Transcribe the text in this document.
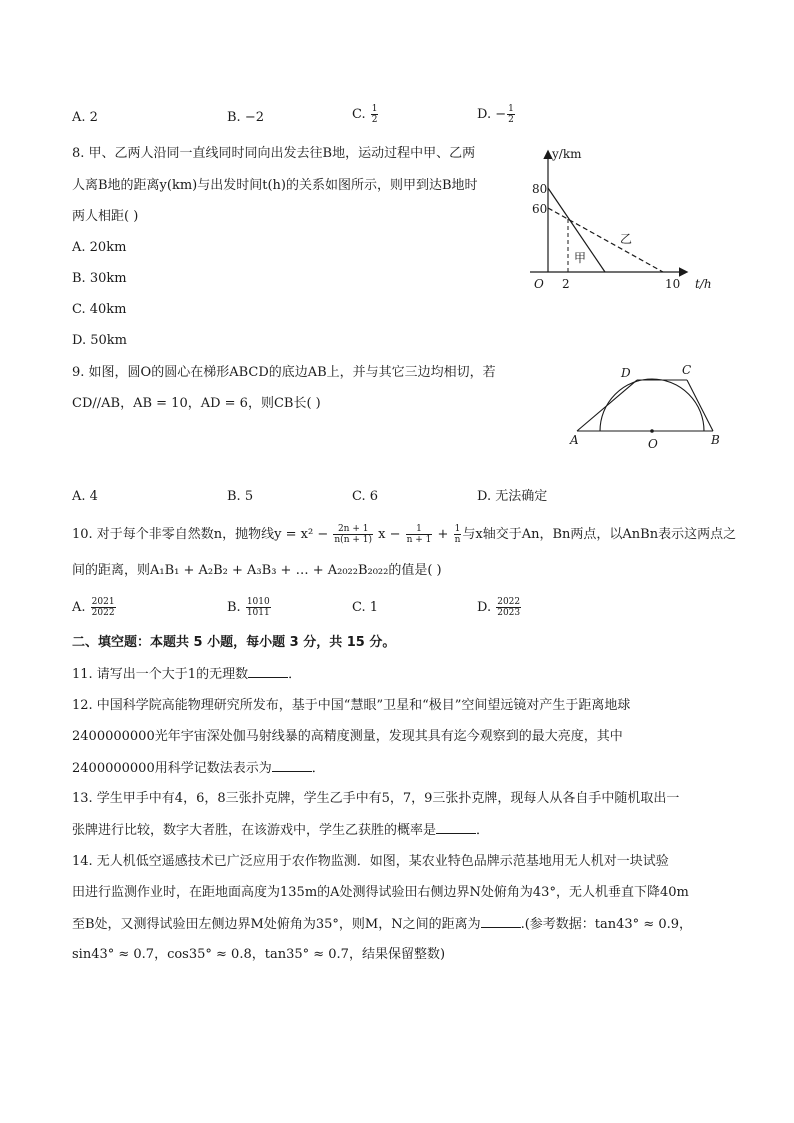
A. 2	B. −2	C. $\frac{1}{2}$	D. − $\frac{1}{2}$
8. 甲、乙两人沿同一直线同时同向出发去往B地，运动过程中甲、乙两
人离B地的距离y(km)与出发时间t(h)的关系如图所示，则甲到达B地时
两人相距( )
A. 20km
B. 30km
C. 40km
D. 50km
y/km
t/h
O
80
60
2	10
甲
乙
9. 如图，圆O的圆心在梯形ABCD的底边AB上，并与其它三边均相切，若
CD//AB，AB = 10，AD = 6，则CB长( )
A	B
C
D
O
A. 4	B. 5	C. 6	D. 无法确定
10. 对于每个非零自然数n，抛物线$y = x^2 - \frac{2n + 1}{n(n + 1)}$ $x - \frac{1}{n + 1} + \frac{1}{n}$ 与x轴交于An，Bn两点，以AnBn表示这两点之
间的距离，则A₁B₁ + A₂B₂ + A₃B₃ + … + A₂₀₂₂B₂₀₂₂的值是( )
A. $\frac{2021}{2022}$	B. $\frac{1010}{1011}$	C. 1	D. $\frac{2022}{2023}$
二、填空题：本题共 5 小题，每小题 3 分，共 15 分。
11. 请写出一个大于1的无理数	．
12. 中国科学院高能物理研究所发布，基于中国“慧眼”卫星和“极目”空间望远镜对产生于距离地球
2400000000光年宇宙深处伽马射线暴的高精度测量，发现其具有迄今观察到的最大亮度，其中
2400000000用科学记数法表示为	．
13. 学生甲手中有4，6，8三张扑克牌，学生乙手中有5，7，9三张扑克牌，现每人从各自手中随机取出一
张牌进行比较，数字大者胜，在该游戏中，学生乙获胜的概率是	．
14. 无人机低空遥感技术已广泛应用于农作物监测．如图，某农业特色品牌示范基地用无人机对一块试验
田进行监测作业时，在距地面高度为135m的A处测得试验田右侧边界N处俯角为43°，无人机垂直下降40m
至B处，又测得试验田左侧边界M处俯角为35°，则M，N之间的距离为	.(参考数据：tan43° ≈ 0.9，
sin43° ≈ 0.7，cos35° ≈ 0.8，tan35° ≈ 0.7，结果保留整数)
